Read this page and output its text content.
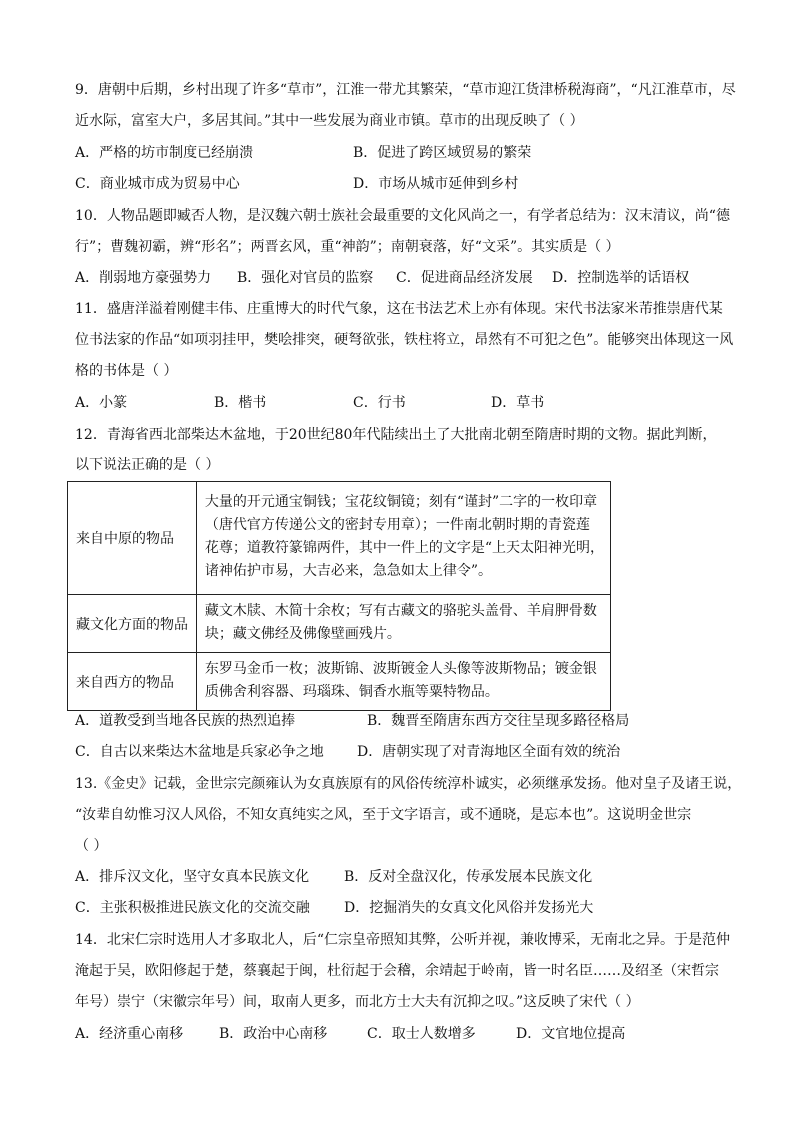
9．唐朝中后期，乡村出现了许多“草市”，江淮一带尤其繁荣，“草市迎江货津桥税海商”，“凡江淮草市，尽

近水际，富室大户，多居其间。”其中一些发展为商业市镇。草市的出现反映了（ ）

A．严格的坊市制度已经崩溃	B．促进了跨区域贸易的繁荣
C．商业城市成为贸易中心	D．市场从城市延伸到乡村

10．人物品题即臧否人物，是汉魏六朝士族社会最重要的文化风尚之一，有学者总结为：汉末清议，尚“德

行”；曹魏初霸，辨“形名”；两晋玄风，重“神韵”；南朝衰落，好“文采”。其实质是（ ）

A．削弱地方豪强势力 B．强化对官员的监察 C．促进商品经济发展 D．控制选举的话语权

11．盛唐洋溢着刚健丰伟、庄重博大的时代气象，这在书法艺术上亦有体现。宋代书法家米芾推崇唐代某

位书法家的作品“如项羽挂甲，樊哙排突，硬弩欲张，铁柱将立，昂然有不可犯之色”。能够突出体现这一风

格的书体是（ ）

A．小篆	B．楷书	C．行书	D．草书

12．青海省西北部柴达木盆地，于20世纪80年代陆续出土了大批南北朝至隋唐时期的文物。据此判断，

以下说法正确的是（ ）

来自中原的物品	大量的开元通宝铜钱；宝花纹铜镜；刻有“谨封”二字的一枚印章
（唐代官方传递公文的密封专用章）；一件南北朝时期的青瓷莲
花尊；道教符篆锦两件，其中一件上的文字是“上天太阳神光明，
诸神佑护市易，大吉必来，急急如太上律令”。

藏文化方面的物品	藏文木牍、木简十余枚；写有古藏文的骆驼头盖骨、羊肩胛骨数
块；藏文佛经及佛像壁画残片。

来自西方的物品	东罗马金币一枚；波斯锦、波斯镀金人头像等波斯物品；镀金银
质佛舍利容器、玛瑙珠、铜香水瓶等粟特物品。
A．道教受到当地各民族的热烈追捧	B．魏晋至隋唐东西方交往呈现多路径格局
C．自古以来柴达木盆地是兵家必争之地 D．唐朝实现了对青海地区全面有效的统治

13.《金史》记载，金世宗完颜雍认为女真族原有的风俗传统淳朴诚实，必须继承发扬。他对皇子及诸王说，

“汝辈自幼惟习汉人风俗，不知女真纯实之风，至于文字语言，或不通晓，是忘本也”。这说明金世宗

（ ）

A．排斥汉文化，坚守女真本民族文化 B．反对全盘汉化，传承发展本民族文化
C．主张积极推进民族文化的交流交融 D．挖掘消失的女真文化风俗并发扬光大

14．北宋仁宗时选用人才多取北人，后“仁宗皇帝照知其弊，公听并视，兼收博采，无南北之异。于是范仲

淹起于吴，欧阳修起于楚，蔡襄起于闽，杜衍起于会稽，余靖起于岭南，皆一时名臣……及绍圣（宋哲宗

年号）崇宁（宋徽宗年号）间，取南人更多，而北方士大夫有沉抑之叹。”这反映了宋代（ ）

A．经济重心南移	B．政治中心南移	C．取士人数增多	D．文官地位提高
